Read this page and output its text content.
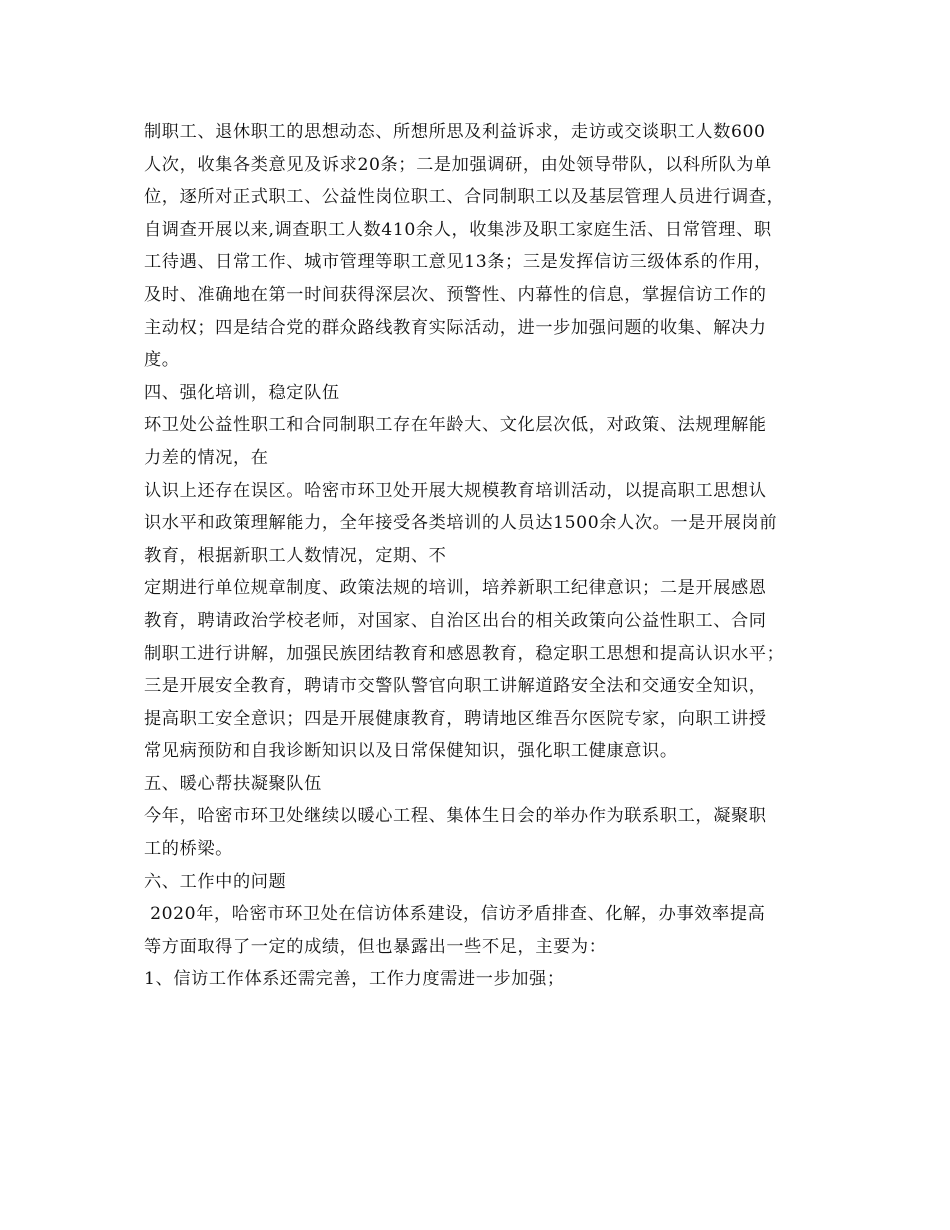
制职工、退休职工的思想动态、所想所思及利益诉求，走访或交谈职工人数600
人次，收集各类意见及诉求20条；二是加强调研，由处领导带队，以科所队为单
位，逐所对正式职工、公益性岗位职工、合同制职工以及基层管理人员进行调查，
自调查开展以来,调查职工人数410余人，收集涉及职工家庭生活、日常管理、职
工待遇、日常工作、城市管理等职工意见13条；三是发挥信访三级体系的作用，
及时、准确地在第一时间获得深层次、预警性、内幕性的信息，掌握信访工作的
主动权；四是结合党的群众路线教育实际活动，进一步加强问题的收集、解决力
度。
四、强化培训，稳定队伍
环卫处公益性职工和合同制职工存在年龄大、文化层次低，对政策、法规理解能
力差的情况，在
认识上还存在误区。哈密市环卫处开展大规模教育培训活动，以提高职工思想认
识水平和政策理解能力，全年接受各类培训的人员达1500余人次。一是开展岗前
教育，根据新职工人数情况，定期、不
定期进行单位规章制度、政策法规的培训，培养新职工纪律意识；二是开展感恩
教育，聘请政治学校老师，对国家、自治区出台的相关政策向公益性职工、合同
制职工进行讲解，加强民族团结教育和感恩教育，稳定职工思想和提高认识水平；
三是开展安全教育，聘请市交警队警官向职工讲解道路安全法和交通安全知识，
提高职工安全意识；四是开展健康教育，聘请地区维吾尔医院专家，向职工讲授
常见病预防和自我诊断知识以及日常保健知识，强化职工健康意识。
五、暖心帮扶凝聚队伍
今年，哈密市环卫处继续以暖心工程、集体生日会的举办作为联系职工，凝聚职
工的桥梁。
六、工作中的问题
2020年，哈密市环卫处在信访体系建设，信访矛盾排查、化解，办事效率提高
等方面取得了一定的成绩，但也暴露出一些不足，主要为：
1、信访工作体系还需完善，工作力度需进一步加强；
